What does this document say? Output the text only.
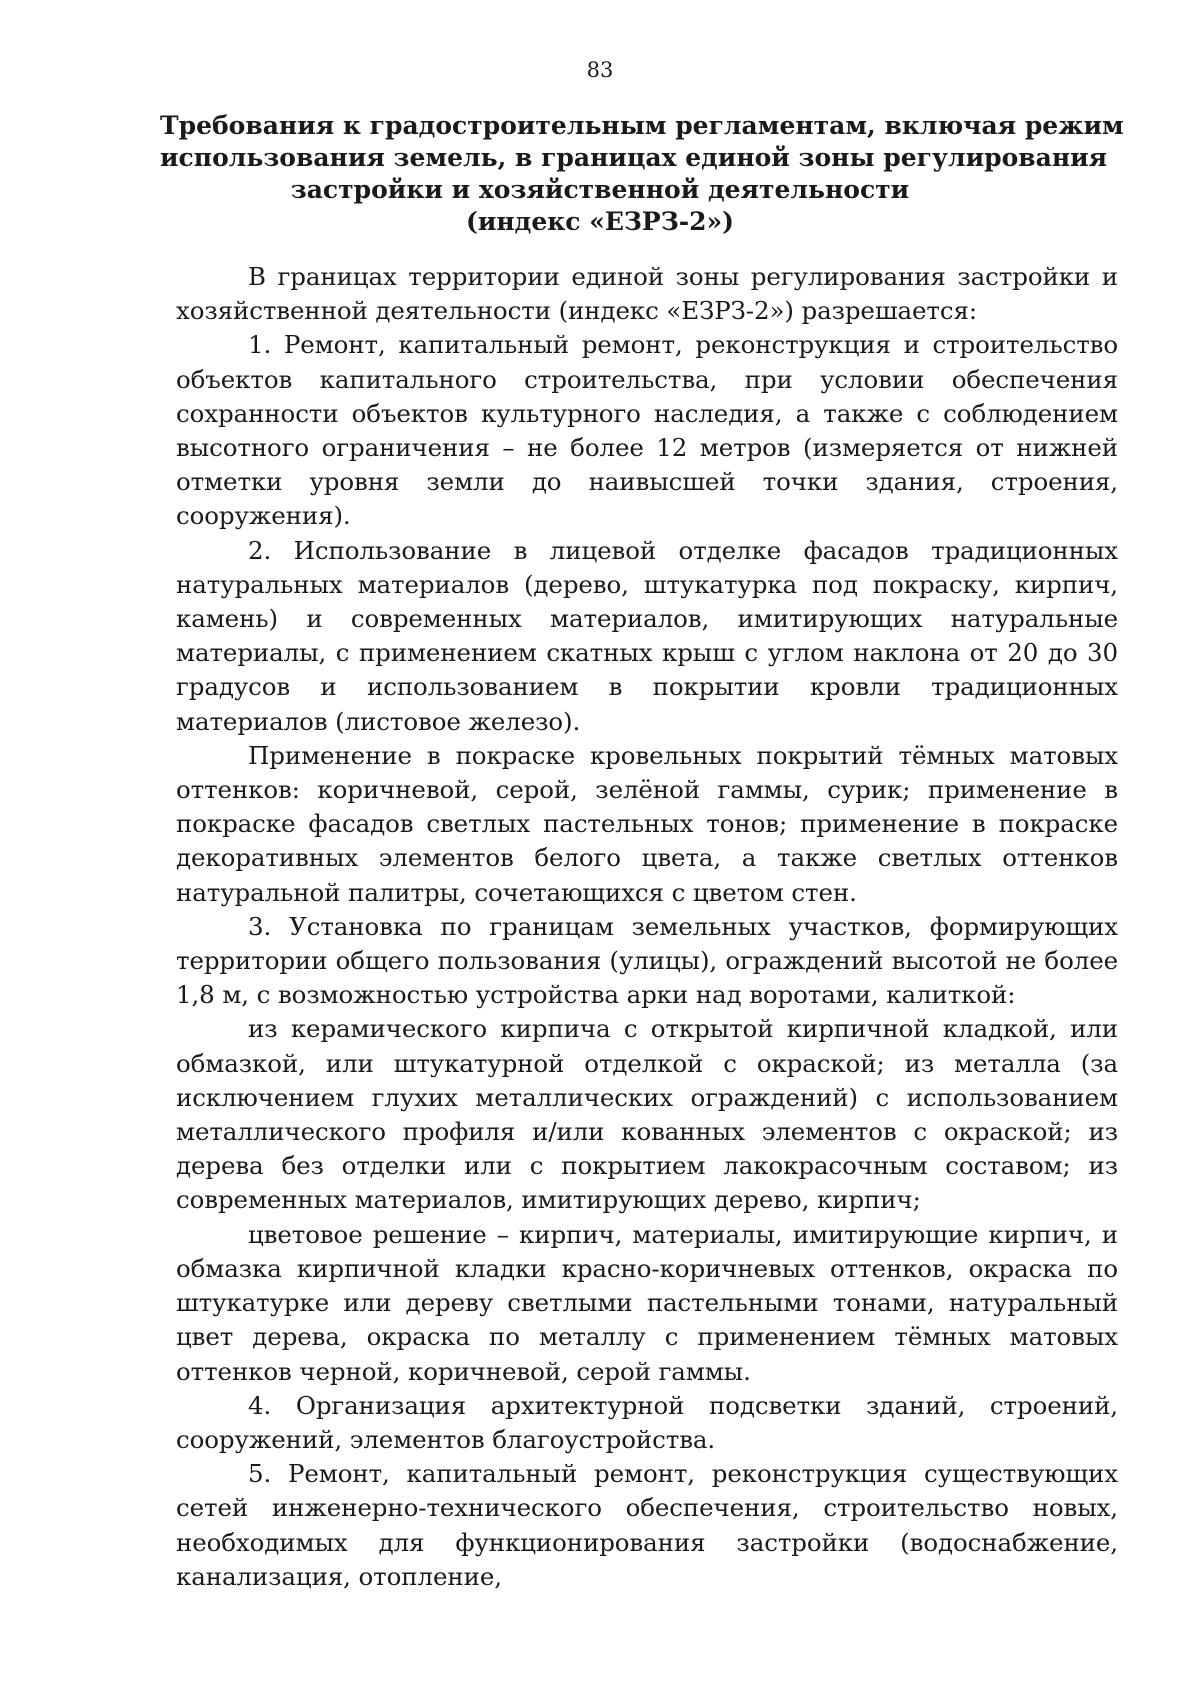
83
Требования к градостроительным регламентам, включая режим
использования земель, в границах единой зоны регулирования
застройки и хозяйственной деятельности
(индекс «ЕЗРЗ-2»)

В границах территории единой зоны регулирования застройки и хозяйственной деятельности (индекс «ЕЗРЗ-2») разрешается:

1. Ремонт, капитальный ремонт, реконструкция и строительство объектов капитального строительства, при условии обеспечения сохранности объектов культурного наследия, а также с соблюдением высотного ограничения – не более 12 метров (измеряется от нижней отметки уровня земли до наивысшей точки здания, строения, сооружения).

2. Использование в лицевой отделке фасадов традиционных натуральных материалов (дерево, штукатурка под покраску, кирпич, камень) и современных материалов, имитирующих натуральные материалы, с применением скатных крыш с углом наклона от 20 до 30 градусов и использованием в покрытии кровли традиционных материалов (листовое железо).

Применение в покраске кровельных покрытий тёмных матовых оттенков: коричневой, серой, зелёной гаммы, сурик; применение в покраске фасадов светлых пастельных тонов; применение в покраске декоративных элементов белого цвета, а также светлых оттенков натуральной палитры, сочетающихся с цветом стен.

3. Установка по границам земельных участков, формирующих территории общего пользования (улицы), ограждений высотой не более 1,8 м, с возможностью устройства арки над воротами, калиткой:

из керамического кирпича с открытой кирпичной кладкой, или обмазкой, или штукатурной отделкой с окраской; из металла (за исключением глухих металлических ограждений) с использованием металлического профиля и/или кованных элементов с окраской; из дерева без отделки или с покрытием лакокрасочным составом; из современных материалов, имитирующих дерево, кирпич;

цветовое решение – кирпич, материалы, имитирующие кирпич, и обмазка кирпичной кладки красно-коричневых оттенков, окраска по штукатурке или дереву светлыми пастельными тонами, натуральный цвет дерева, окраска по металлу с применением тёмных матовых оттенков черной, коричневой, серой гаммы.

4. Организация архитектурной подсветки зданий, строений, сооружений, элементов благоустройства.

5. Ремонт, капитальный ремонт, реконструкция существующих сетей инженерно-технического обеспечения, строительство новых, необходимых для функционирования застройки (водоснабжение, канализация, отопление,
